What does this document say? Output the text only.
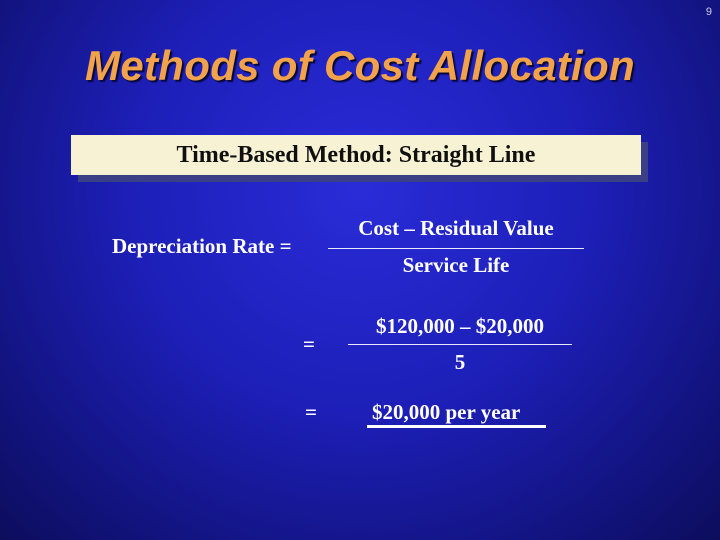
9
Methods of Cost Allocation
Time-Based Method: Straight Line
Depreciation Rate =
Cost – Residual Value
Service Life
=
$120,000 – $20,000
5
=	$20,000 per year
